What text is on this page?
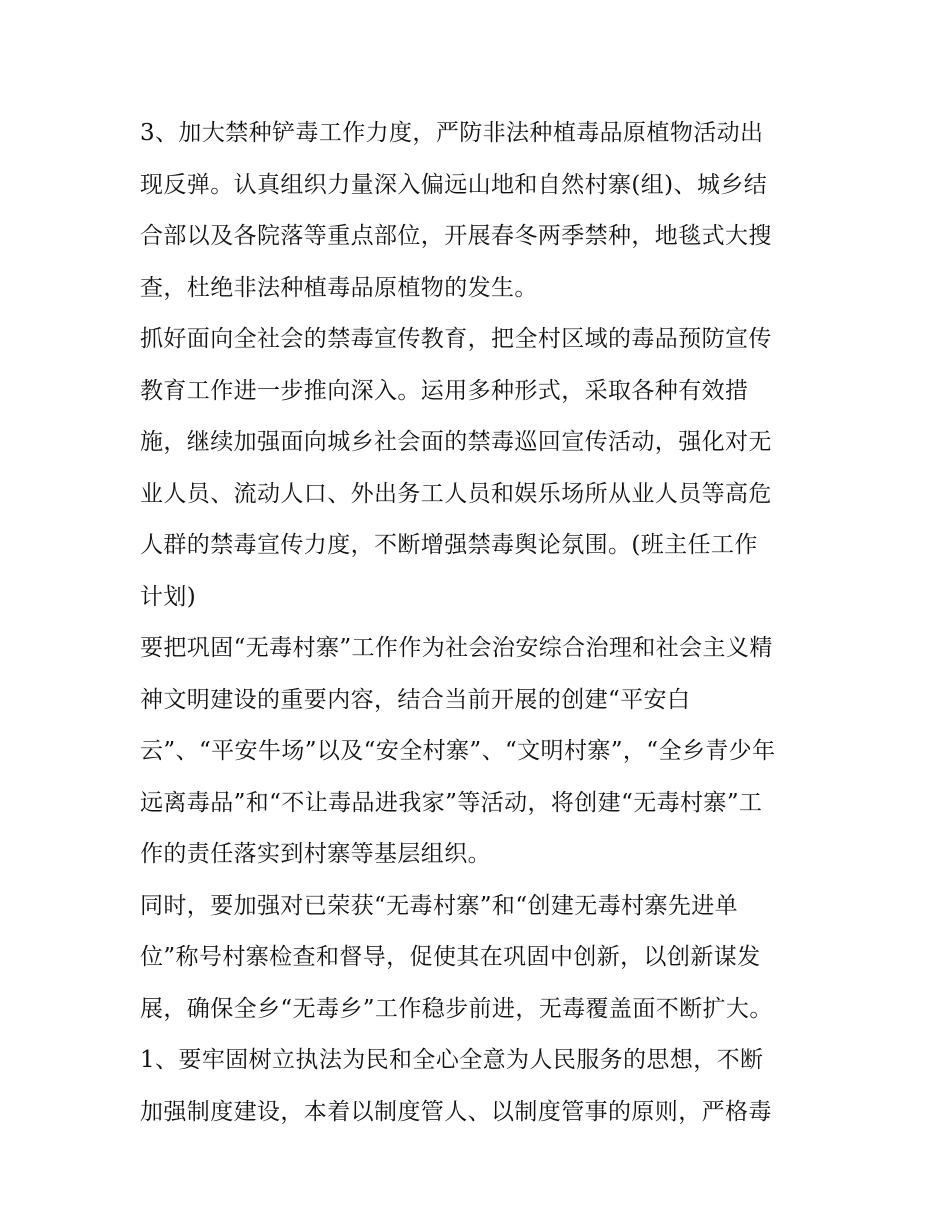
3、加大禁种铲毒工作力度，严防非法种植毒品原植物活动出
现反弹。认真组织力量深入偏远山地和自然村寨(组)、城乡结
合部以及各院落等重点部位，开展春冬两季禁种，地毯式大搜
查，杜绝非法种植毒品原植物的发生。
抓好面向全社会的禁毒宣传教育，把全村区域的毒品预防宣传
教育工作进一步推向深入。运用多种形式，采取各种有效措
施，继续加强面向城乡社会面的禁毒巡回宣传活动，强化对无
业人员、流动人口、外出务工人员和娱乐场所从业人员等高危
人群的禁毒宣传力度，不断增强禁毒舆论氛围。(班主任工作
计划)
要把巩固“无毒村寨”工作作为社会治安综合治理和社会主义精
神文明建设的重要内容，结合当前开展的创建“平安白
云”、“平安牛场”以及“安全村寨”、“文明村寨”，“全乡青少年
远离毒品”和“不让毒品进我家”等活动，将创建“无毒村寨”工
作的责任落实到村寨等基层组织。
同时，要加强对已荣获“无毒村寨”和“创建无毒村寨先进单
位”称号村寨检查和督导，促使其在巩固中创新，以创新谋发
展，确保全乡“无毒乡”工作稳步前进，无毒覆盖面不断扩大。
1、要牢固树立执法为民和全心全意为人民服务的思想，不断
加强制度建设，本着以制度管人、以制度管事的原则，严格毒
